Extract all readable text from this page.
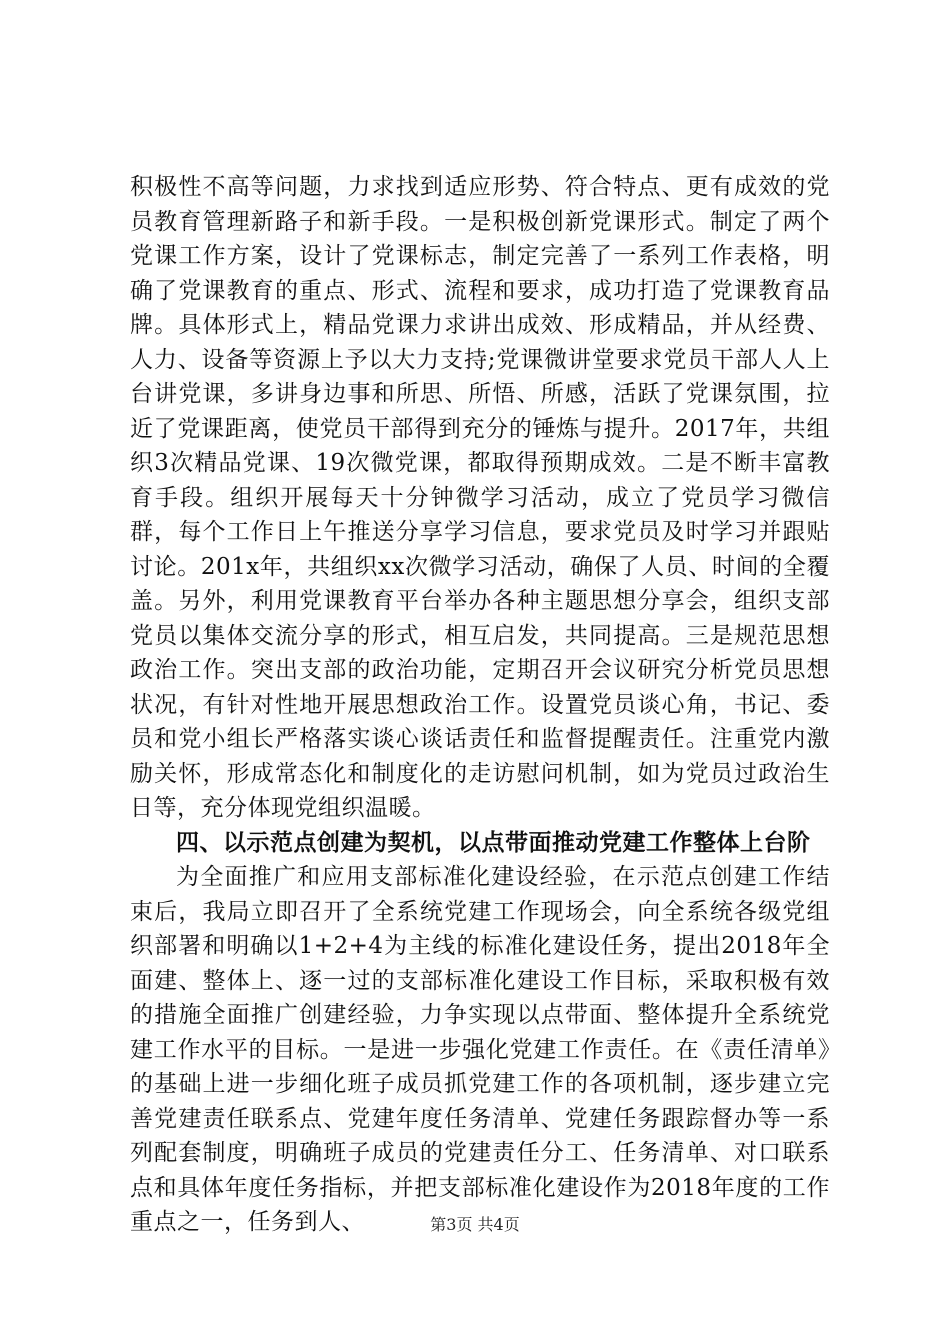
积极性不高等问题，力求找到适应形势、符合特点、更有成效的党员教育管理新路子和新手段。一是积极创新党课形式。制定了两个党课工作方案，设计了党课标志，制定完善了一系列工作表格，明确了党课教育的重点、形式、流程和要求，成功打造了党课教育品牌。具体形式上，精品党课力求讲出成效、形成精品，并从经费、人力、设备等资源上予以大力支持;党课微讲堂要求党员干部人人上台讲党课，多讲身边事和所思、所悟、所感，活跃了党课氛围，拉近了党课距离，使党员干部得到充分的锤炼与提升。2017年，共组织3次精品党课、19次微党课，都取得预期成效。二是不断丰富教育手段。组织开展每天十分钟微学习活动，成立了党员学习微信群，每个工作日上午推送分享学习信息，要求党员及时学习并跟贴讨论。201x年，共组织xx次微学习活动，确保了人员、时间的全覆盖。另外，利用党课教育平台举办各种主题思想分享会，组织支部党员以集体交流分享的形式，相互启发，共同提高。三是规范思想政治工作。突出支部的政治功能，定期召开会议研究分析党员思想状况，有针对性地开展思想政治工作。设置党员谈心角，书记、委员和党小组长严格落实谈心谈话责任和监督提醒责任。注重党内激励关怀，形成常态化和制度化的走访慰问机制，如为党员过政治生日等，充分体现党组织温暖。

四、以示范点创建为契机，以点带面推动党建工作整体上台阶

为全面推广和应用支部标准化建设经验，在示范点创建工作结束后，我局立即召开了全系统党建工作现场会，向全系统各级党组织部署和明确以1+2+4为主线的标准化建设任务，提出2018年全面建、整体上、逐一过的支部标准化建设工作目标，采取积极有效的措施全面推广创建经验，力争实现以点带面、整体提升全系统党建工作水平的目标。一是进一步强化党建工作责任。在《责任清单》的基础上进一步细化班子成员抓党建工作的各项机制，逐步建立完善党建责任联系点、党建年度任务清单、党建任务跟踪督办等一系列配套制度，明确班子成员的党建责任分工、任务清单、对口联系点和具体年度任务指标，并把支部标准化建设作为2018年度的工作重点之一，任务到人、	第3页 共4页
